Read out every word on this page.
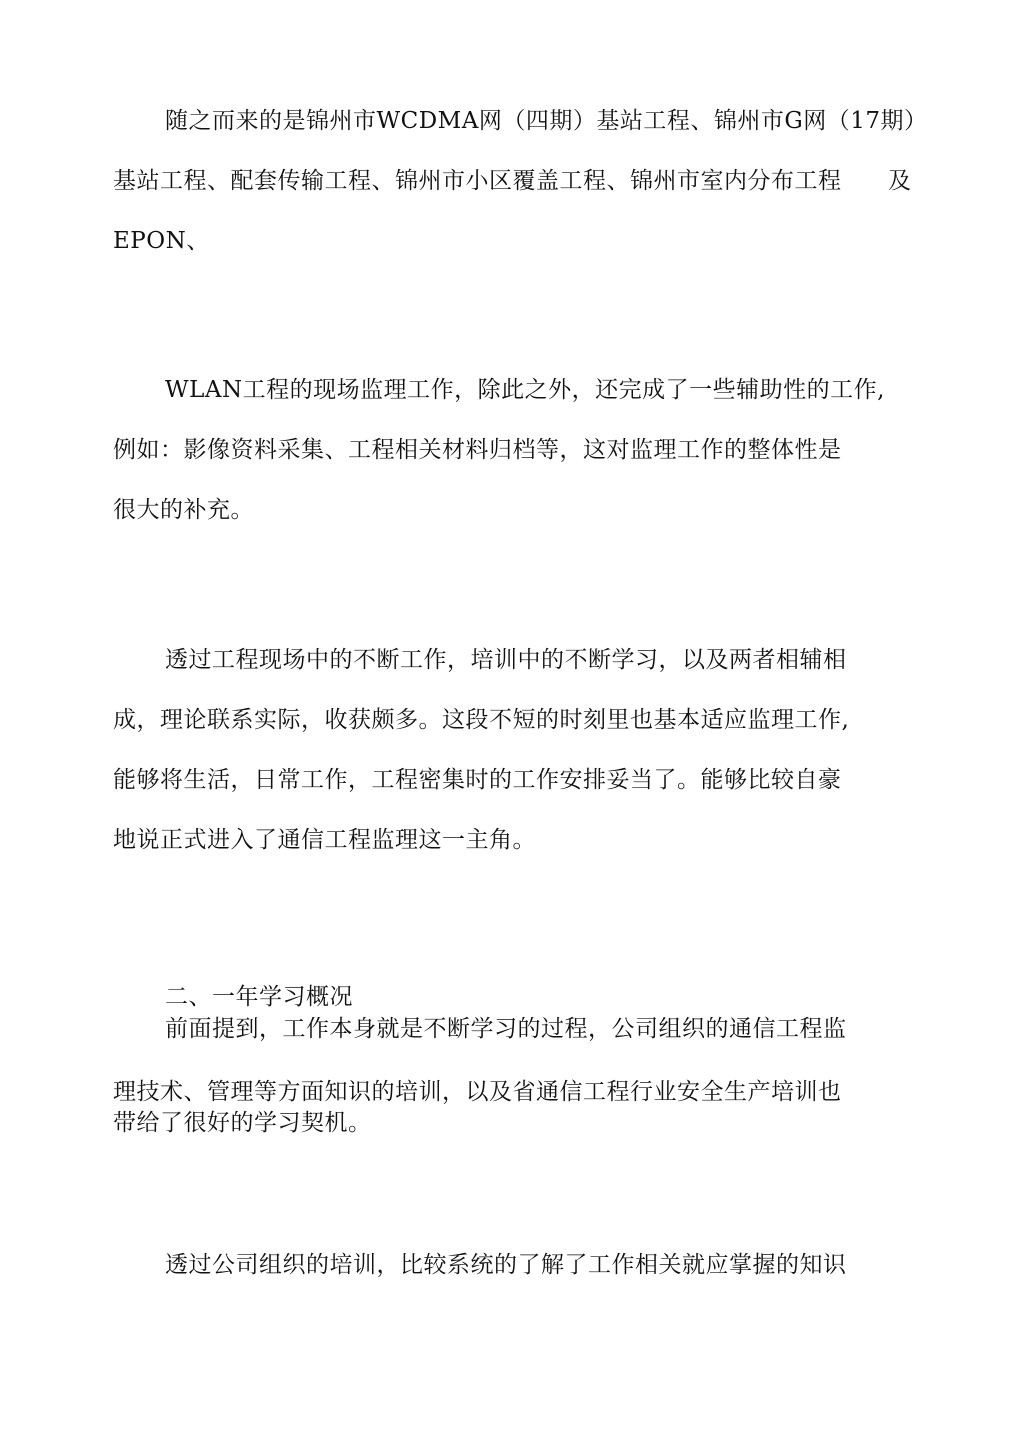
随之而来的是锦州市WCDMA网（四期）基站工程、锦州市G网（17期）
基站工程、配套传输工程、锦州市小区覆盖工程、锦州市室内分布工程 及
EPON、
WLAN工程的现场监理工作，除此之外，还完成了一些辅助性的工作,
例如：影像资料采集、工程相关材料归档等，这对监理工作的整体性是
很大的补充。
透过工程现场中的不断工作，培训中的不断学习，以及两者相辅相
成，理论联系实际，收获颇多。这段不短的时刻里也基本适应监理工作,
能够将生活，日常工作，工程密集时的工作安排妥当了。能够比较自豪
地说正式进入了通信工程监理这一主角。
二、一年学习概况
前面提到，工作本身就是不断学习的过程，公司组织的通信工程监
理技术、管理等方面知识的培训，以及省通信工程行业安全生产培训也
带给了很好的学习契机。
透过公司组织的培训，比较系统的了解了工作相关就应掌握的知识
